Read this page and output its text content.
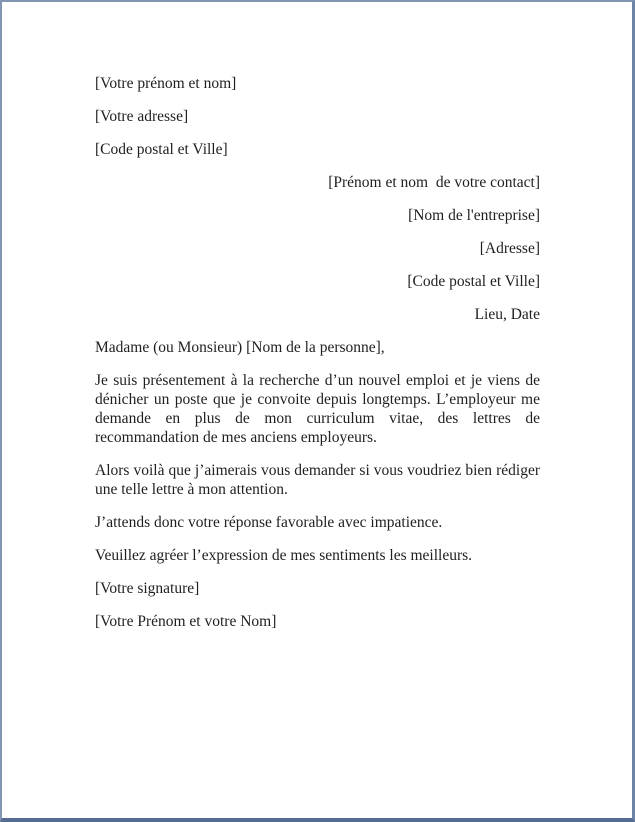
[Votre prénom et nom]

[Votre adresse]

[Code postal et Ville]

[Prénom et nom  de votre contact]

[Nom de l'entreprise]

[Adresse]

[Code postal et Ville]

Lieu, Date

Madame (ou Monsieur) [Nom de la personne],

Je suis présentement à la recherche d’un nouvel emploi et je viens de dénicher un poste que je convoite depuis longtemps. L’employeur me demande en plus de mon curriculum vitae, des lettres de recommandation de mes anciens employeurs.

Alors voilà que j’aimerais vous demander si vous voudriez bien rédiger une telle lettre à mon attention.

J’attends donc votre réponse favorable avec impatience.

Veuillez agréer l’expression de mes sentiments les meilleurs.

[Votre signature]

[Votre Prénom et votre Nom]
